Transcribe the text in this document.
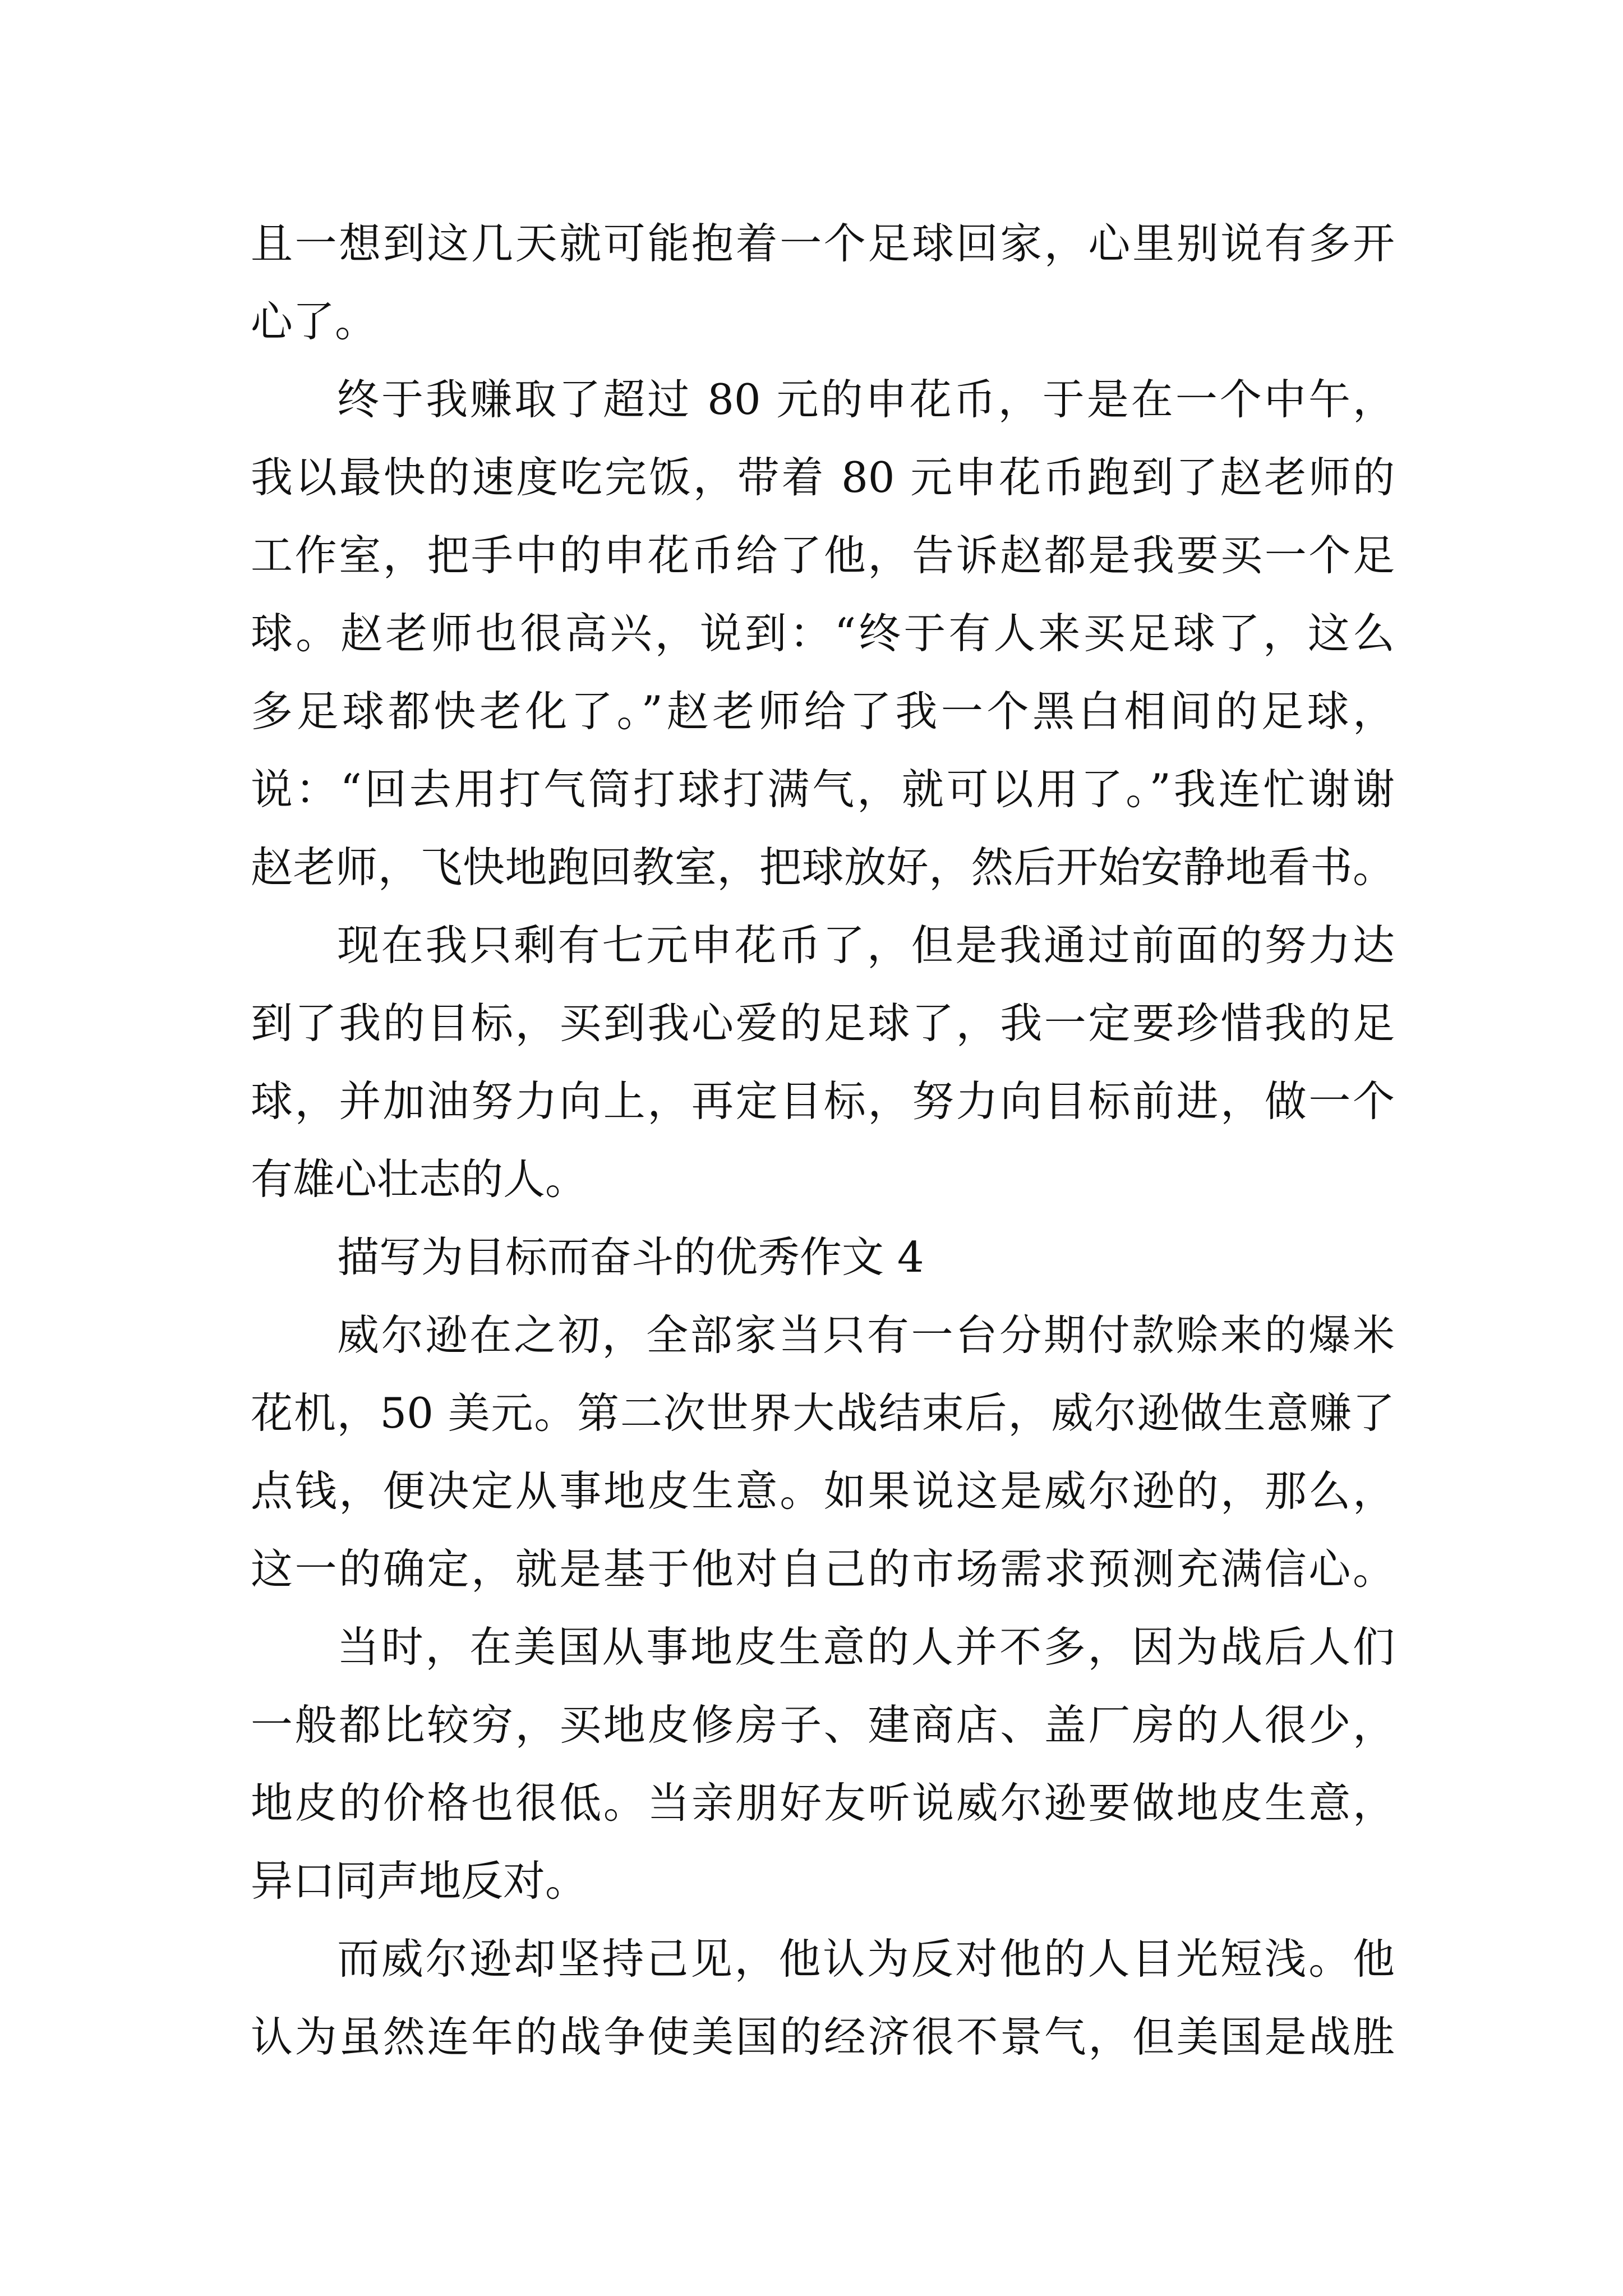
且一想到这几天就可能抱着一个足球回家，心里别说有多开
心了。
终于我赚取了超过 80 元的申花币，于是在一个中午，
我以最快的速度吃完饭，带着 80 元申花币跑到了赵老师的
工作室，把手中的申花币给了他，告诉赵都是我要买一个足
球。赵老师也很高兴，说到：“终于有人来买足球了，这么
多足球都快老化了。”赵老师给了我一个黑白相间的足球，
说：“回去用打气筒打球打满气，就可以用了。”我连忙谢谢
赵老师，飞快地跑回教室，把球放好，然后开始安静地看书。
现在我只剩有七元申花币了，但是我通过前面的努力达
到了我的目标，买到我心爱的足球了，我一定要珍惜我的足
球，并加油努力向上，再定目标，努力向目标前进，做一个
有雄心壮志的人。
描写为目标而奋斗的优秀作文 4
威尔逊在之初，全部家当只有一台分期付款赊来的爆米
花机，50 美元。第二次世界大战结束后，威尔逊做生意赚了
点钱，便决定从事地皮生意。如果说这是威尔逊的，那么，
这一的确定，就是基于他对自己的市场需求预测充满信心。
当时，在美国从事地皮生意的人并不多，因为战后人们
一般都比较穷，买地皮修房子、建商店、盖厂房的人很少，
地皮的价格也很低。当亲朋好友听说威尔逊要做地皮生意，
异口同声地反对。
而威尔逊却坚持己见，他认为反对他的人目光短浅。他
认为虽然连年的战争使美国的经济很不景气，但美国是战胜
